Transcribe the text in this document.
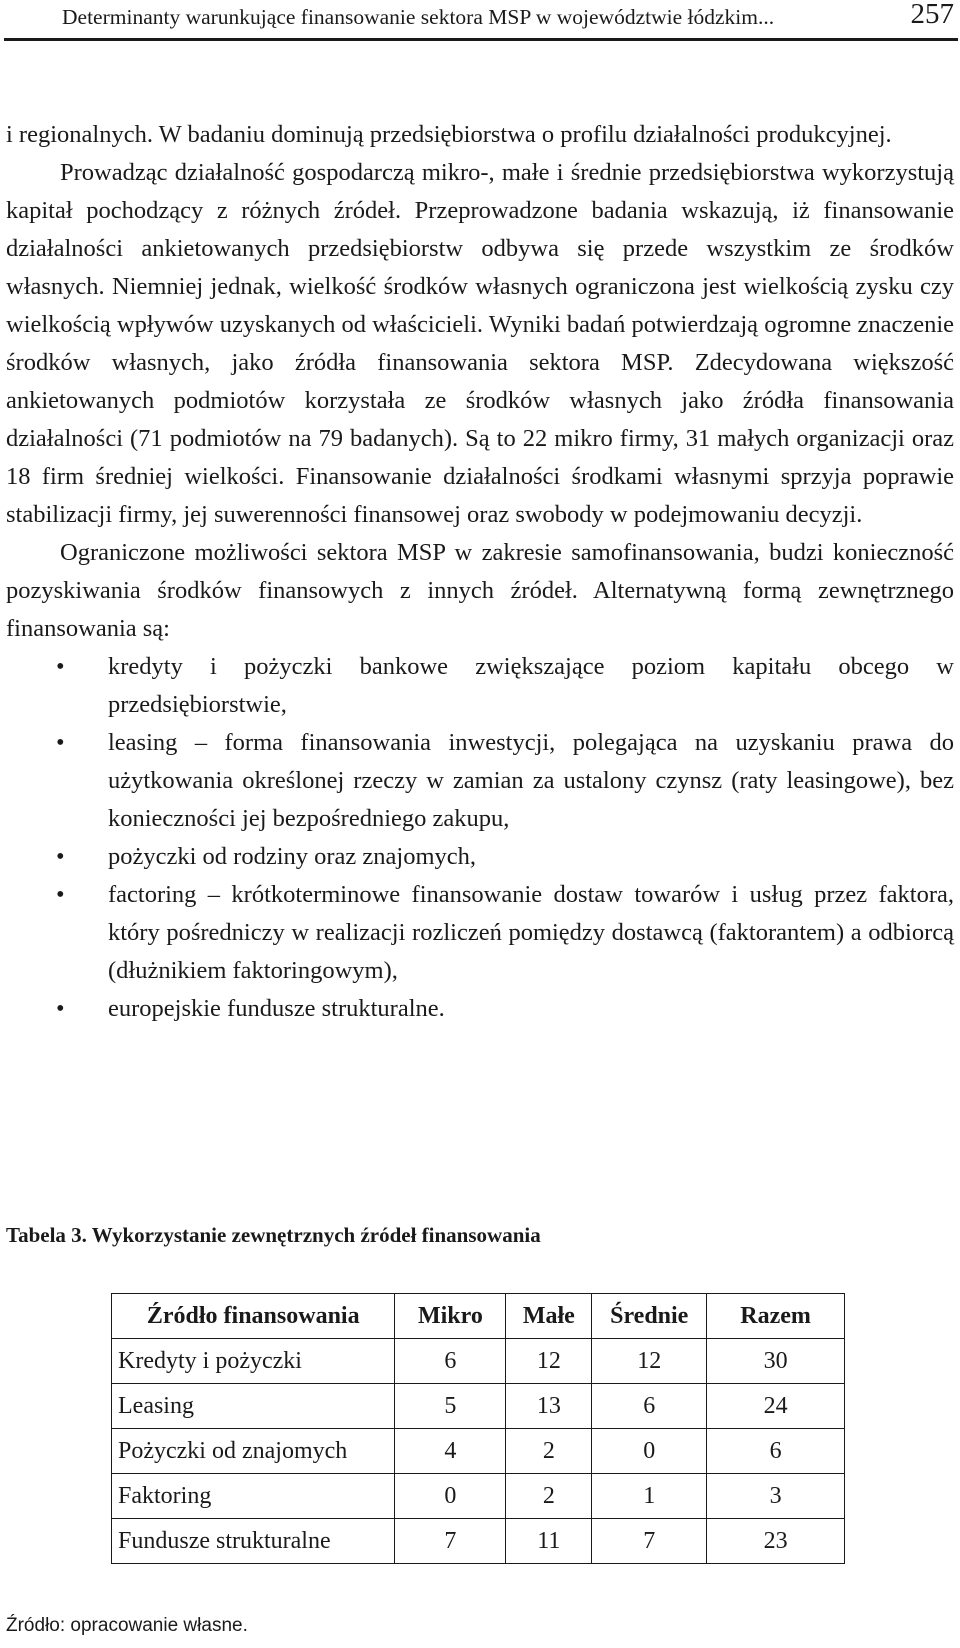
Determinanty warunkujące finansowanie sektora MSP w województwie łódzkim...	257

i regionalnych. W badaniu dominują przedsiębiorstwa o profilu działalności produkcyjnej.

Prowadząc działalność gospodarczą mikro-, małe i średnie przedsiębiorstwa wykorzystują kapitał pochodzący z różnych źródeł. Przeprowadzone badania wskazują, iż finansowanie działalności ankietowanych przedsiębiorstw odbywa się przede wszystkim ze środków własnych. Niemniej jednak, wielkość środków własnych ograniczona jest wielkością zysku czy wielkością wpływów uzyskanych od właścicieli. Wyniki badań potwierdzają ogromne znaczenie środków własnych, jako źródła finansowania sektora MSP. Zdecydowana większość ankietowanych podmiotów korzystała ze środków własnych jako źródła finansowania działalności (71 podmiotów na 79 badanych). Są to 22 mikro firmy, 31 małych organizacji oraz 18 firm średniej wielkości. Finansowanie działalności środkami własnymi sprzyja poprawie stabilizacji firmy, jej suwerenności finansowej oraz swobody w podejmowaniu decyzji.

Ograniczone możliwości sektora MSP w zakresie samofinansowania, budzi konieczność pozyskiwania środków finansowych z innych źródeł. Alternatywną formą zewnętrznego finansowania są:

• kredyty i pożyczki bankowe zwiększające poziom kapitału obcego w przedsiębiorstwie,
• leasing – forma finansowania inwestycji, polegająca na uzyskaniu prawa do użytkowania określonej rzeczy w zamian za ustalony czynsz (raty leasingowe), bez konieczności jej bezpośredniego zakupu,
• pożyczki od rodziny oraz znajomych,
• factoring – krótkoterminowe finansowanie dostaw towarów i usług przez faktora, który pośredniczy w realizacji rozliczeń pomiędzy dostawcą (faktorantem) a odbiorcą (dłużnikiem faktoringowym),
• europejskie fundusze strukturalne.
Tabela 3. Wykorzystanie zewnętrznych źródeł finansowania
Źródło finansowania	Mikro	Małe	Średnie	Razem
Kredyty i pożyczki	6	12	12	30
Leasing	5	13	6	24
Pożyczki od znajomych	4	2	0	6
Faktoring	0	2	1	3
Fundusze strukturalne	7	11	7	23
Źródło: opracowanie własne.
